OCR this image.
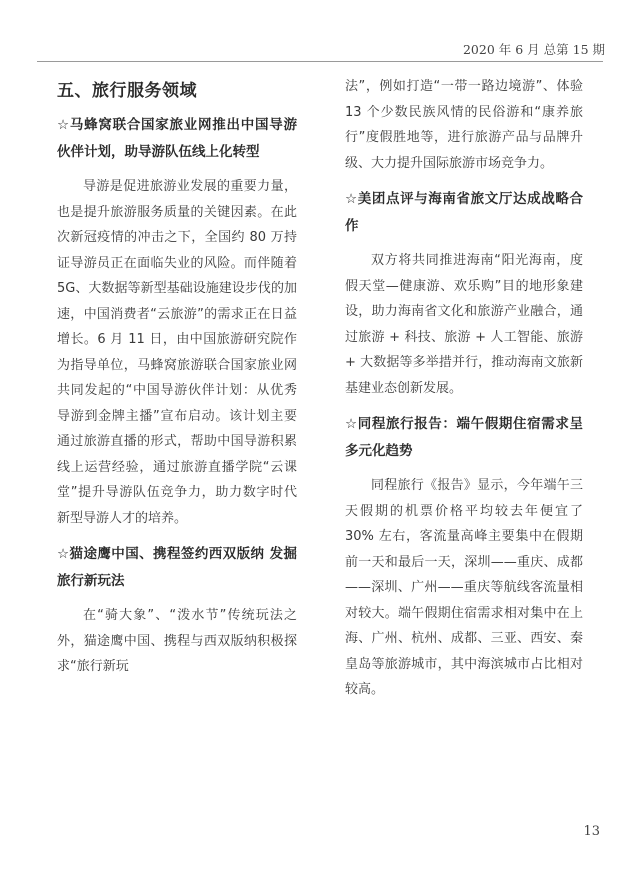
2020 年 6 月 总第 15 期
五、旅行服务领域
☆马蜂窝联合国家旅业网推出中国导游伙伴计划，助导游队伍线上化转型

导游是促进旅游业发展的重要力量，也是提升旅游服务质量的关键因素。在此次新冠疫情的冲击之下，全国约 80 万持证导游员正在面临失业的风险。而伴随着 5G、大数据等新型基础设施建设步伐的加速，中国消费者“云旅游”的需求正在日益增长。6 月 11 日，由中国旅游研究院作为指导单位，马蜂窝旅游联合国家旅业网共同发起的“中国导游伙伴计划：从优秀导游到金牌主播”宣布启动。该计划主要通过旅游直播的形式，帮助中国导游积累线上运营经验，通过旅游直播学院“云课堂”提升导游队伍竞争力，助力数字时代新型导游人才的培养。

☆猫途鹰中国、携程签约西双版纳 发掘旅行新玩法

在“骑大象”、“泼水节”传统玩法之外，猫途鹰中国、携程与西双版纳积极探求“旅行新玩

法”，例如打造“一带一路边境游”、体验 13 个少数民族风情的民俗游和“康养旅行”度假胜地等，进行旅游产品与品牌升级、大力提升国际旅游市场竞争力。

☆美团点评与海南省旅文厅达成战略合作

双方将共同推进海南“阳光海南，度假天堂—健康游、欢乐购”目的地形象建设，助力海南省文化和旅游产业融合，通过旅游 + 科技、旅游 + 人工智能、旅游 + 大数据等多举措并行，推动海南文旅新基建业态创新发展。

☆同程旅行报告：端午假期住宿需求呈多元化趋势

同程旅行《报告》显示，今年端午三天假期的机票价格平均较去年便宜了 30% 左右，客流量高峰主要集中在假期前一天和最后一天，深圳——重庆、成都——深圳、广州——重庆等航线客流量相对较大。端午假期住宿需求相对集中在上海、广州、杭州、成都、三亚、西安、秦皇岛等旅游城市，其中海滨城市占比相对较高。

13
